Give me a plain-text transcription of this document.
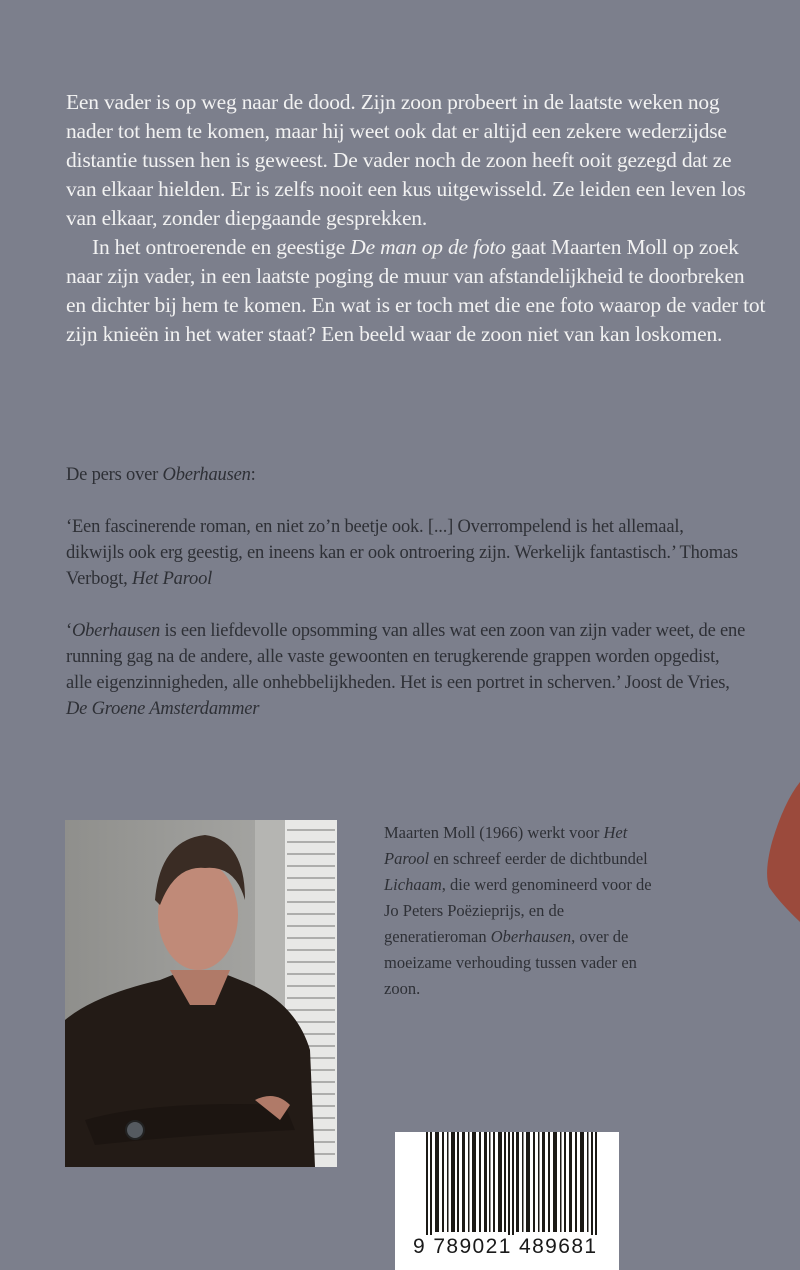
Een vader is op weg naar de dood. Zijn zoon probeert in de laatste weken nog nader tot hem te komen, maar hij weet ook dat er altijd een zekere wederzijdse distantie tussen hen is geweest. De vader noch de zoon heeft ooit gezegd dat ze van elkaar hielden. Er is zelfs nooit een kus uitgewisseld. Ze leiden een leven los van elkaar, zonder diepgaande gesprekken.

In het ontroerende en geestige De man op de foto gaat Maarten Moll op zoek naar zijn vader, in een laatste poging de muur van afstandelijkheid te doorbreken en dichter bij hem te komen. En wat is er toch met die ene foto waarop de vader tot zijn knieën in het water staat? Een beeld waar de zoon niet van kan loskomen.

De pers over Oberhausen:

‘Een fascinerende roman, en niet zo’n beetje ook. [...] Overrompelend is het allemaal, dikwijls ook erg geestig, en ineens kan er ook ontroering zijn. Werkelijk fantastisch.’ Thomas Verbogt, Het Parool

‘Oberhausen is een liefdevolle opsomming van alles wat een zoon van zijn vader weet, de ene running gag na de andere, alle vaste gewoonten en terugkerende grappen worden opgedist, alle eigenzinnigheden, alle onhebbelijkheden. Het is een portret in scherven.’ Joost de Vries, De Groene Amsterdammer

Maarten Moll (1966) werkt voor Het Parool en schreef eerder de dichtbundel Lichaam, die werd genomineerd voor de Jo Peters Poëzieprijs, en de generatieroman Oberhausen, over de moeizame verhouding tussen vader en zoon.
9 789021 489681
